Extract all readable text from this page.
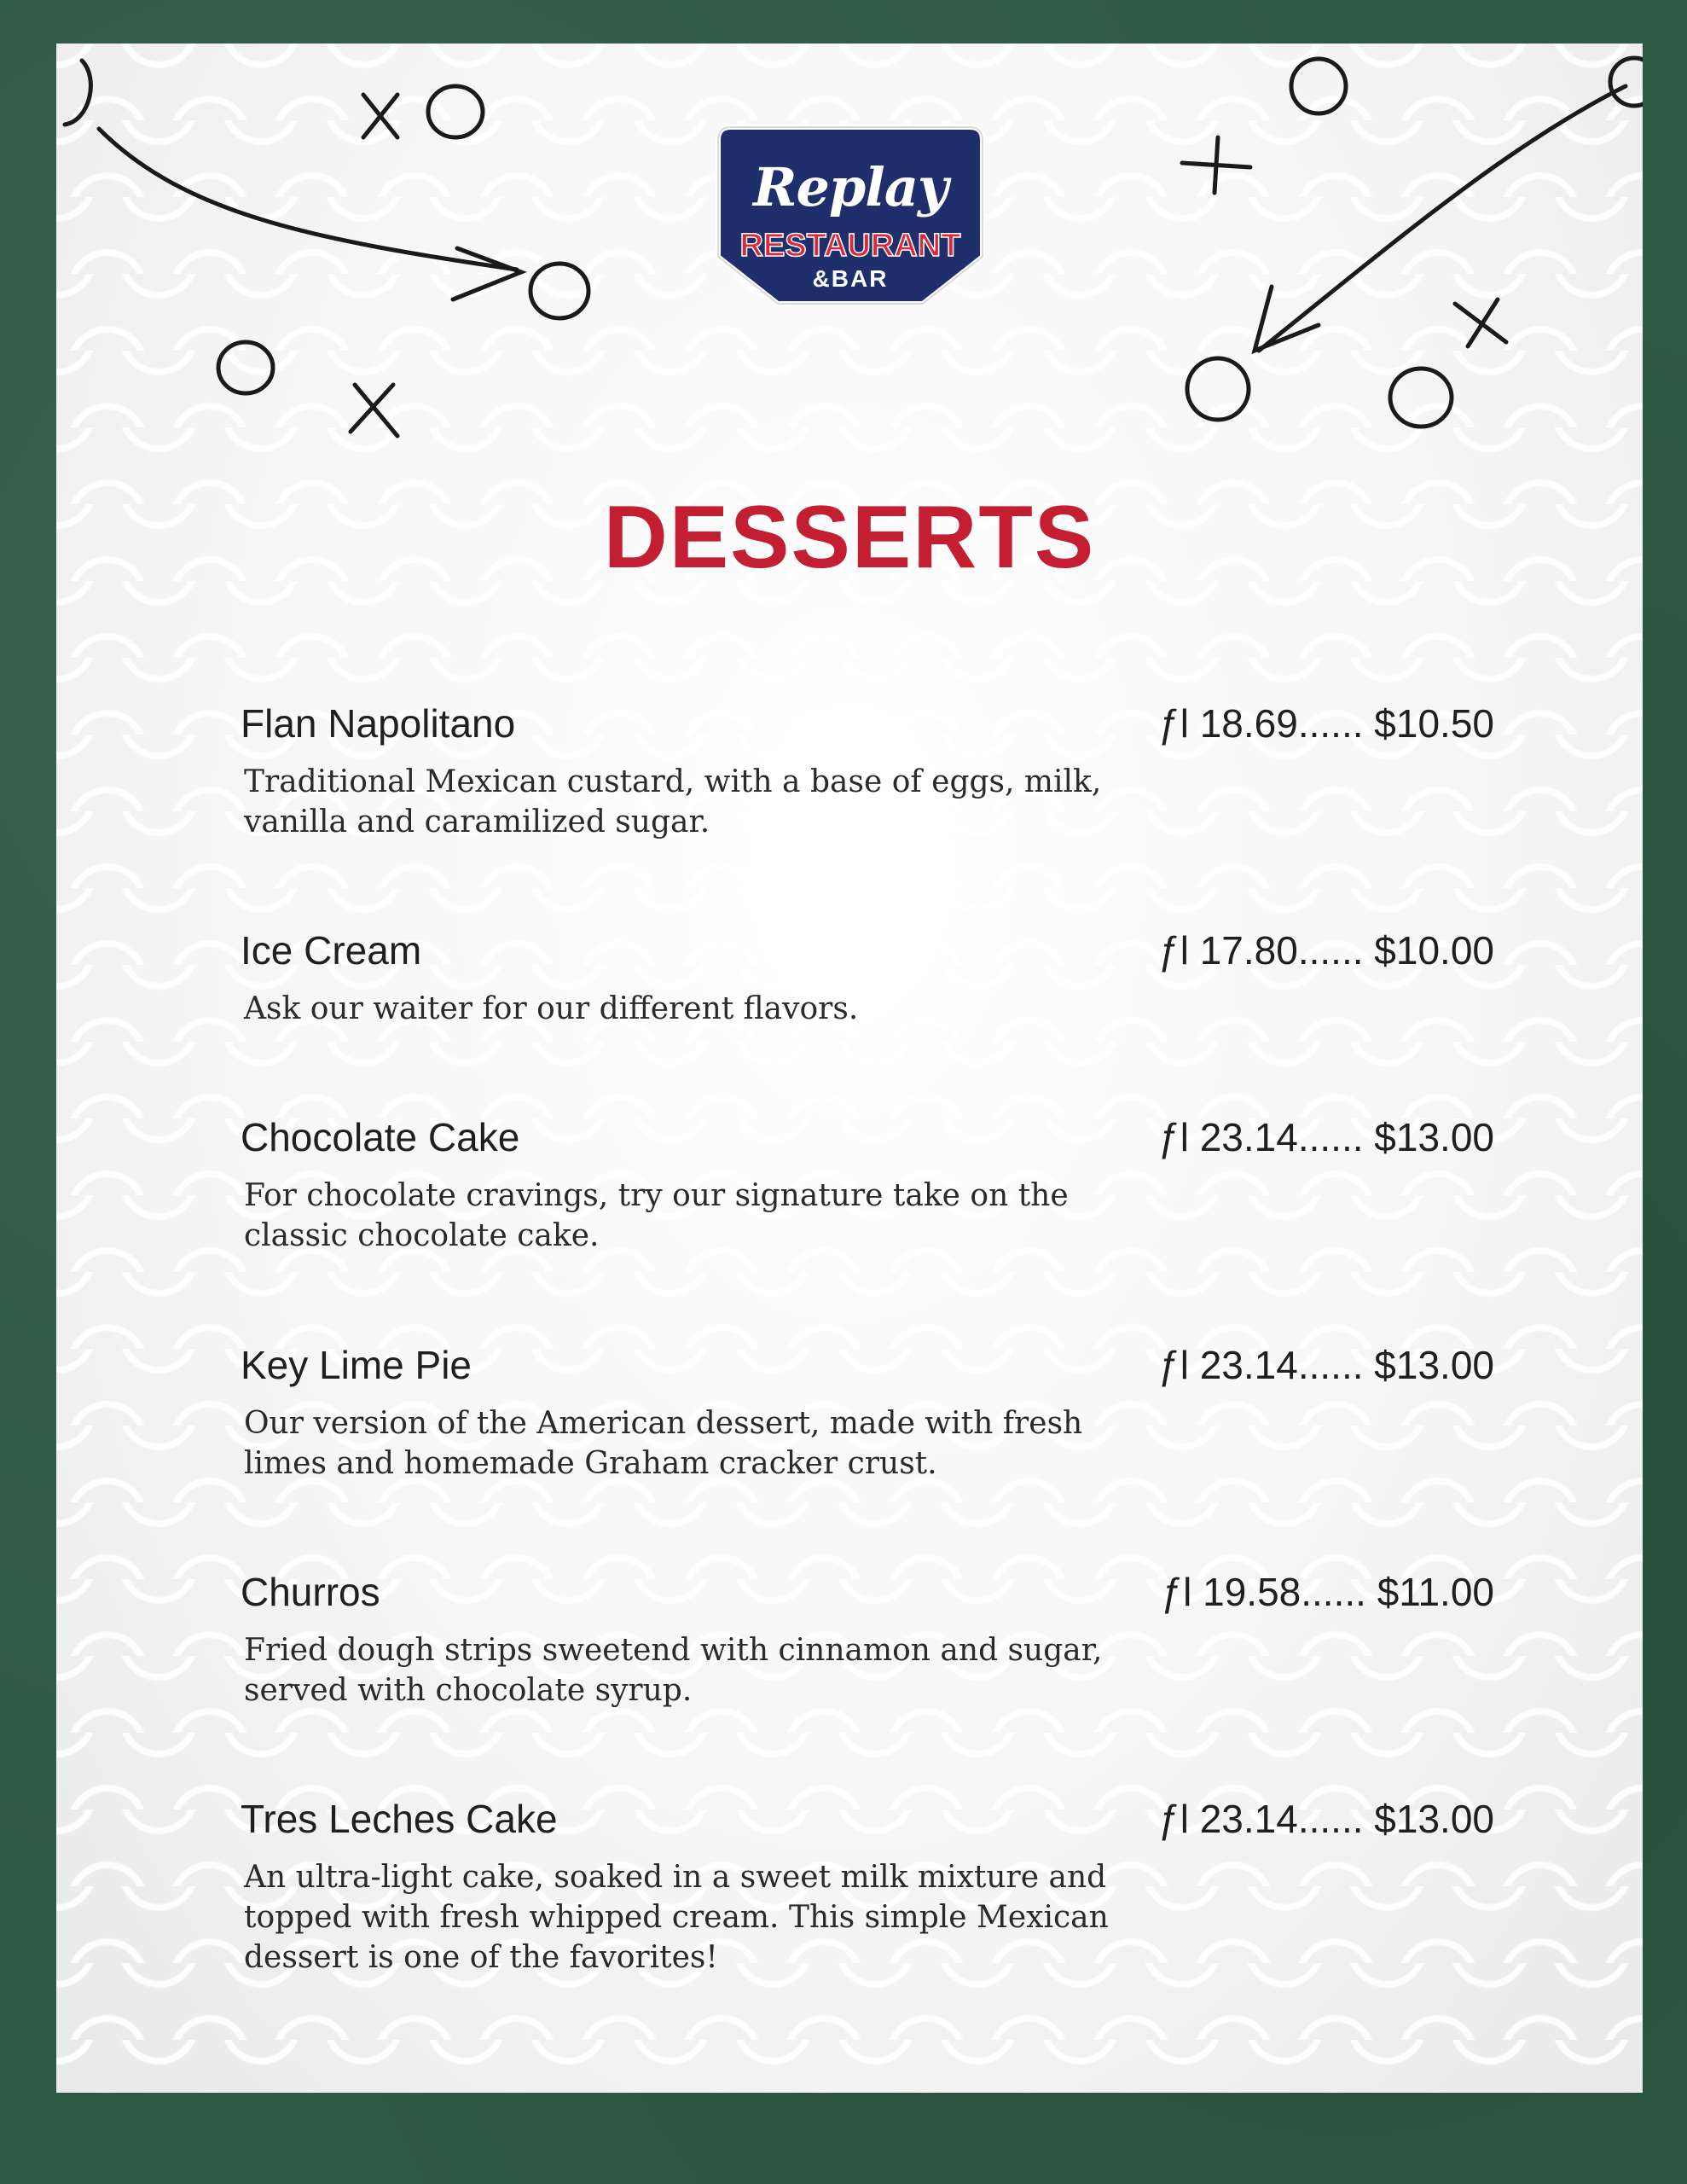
Replay
RESTAURANT
&BAR
DESSERTS
Flan Napolitano	ƒl 18.69...... $10.50
Traditional Mexican custard, with a base of eggs, milk,
vanilla and caramilized sugar.
Ice Cream	ƒl 17.80...... $10.00
Ask our waiter for our different flavors.
Chocolate Cake	ƒl 23.14...... $13.00
For chocolate cravings, try our signature take on the
classic chocolate cake.
Key Lime Pie	ƒl 23.14...... $13.00
Our version of the American dessert, made with fresh
limes and homemade Graham cracker crust.
Churros	ƒl 19.58...... $11.00
Fried dough strips sweetend with cinnamon and sugar,
served with chocolate syrup.
Tres Leches Cake	ƒl 23.14...... $13.00
An ultra-light cake, soaked in a sweet milk mixture and
topped with fresh whipped cream. This simple Mexican
dessert is one of the favorites!
